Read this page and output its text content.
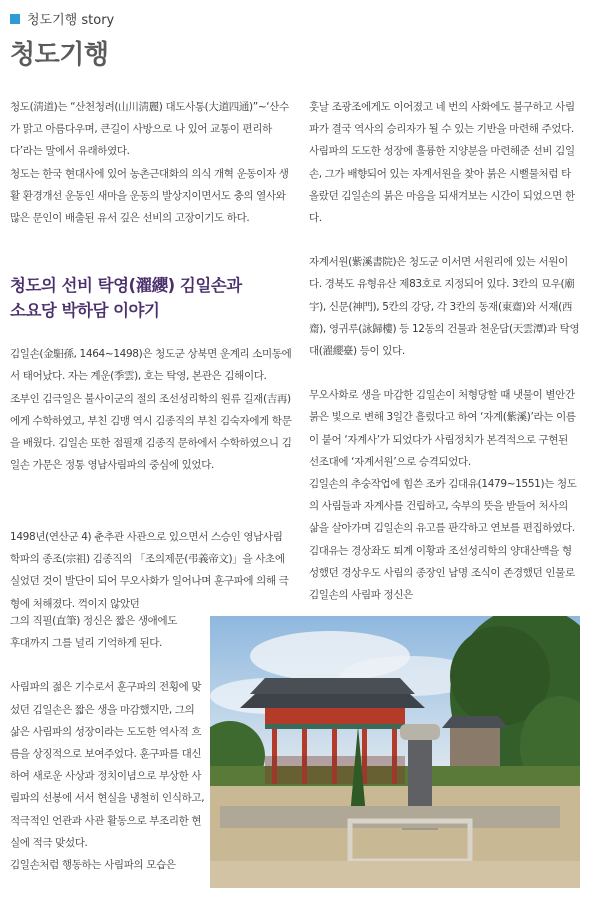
청도기행 story
청도기행

청도(淸道)는 “산천청려(山川淸麗) 대도사통(大道四通)”~‘산수가 맑고 아름다우며, 큰길이 사방으로 나 있어 교통이 편리하다’라는 말에서 유래하였다.

청도는 한국 현대사에 있어 농촌근대화의 의식 개혁 운동이자 생활 환경개선 운동인 새마을 운동의 발상지이면서도 충의 열사와 많은 문인이 배출된 유서 깊은 선비의 고장이기도 하다.

청도의 선비 탁영(濯纓) 김일손과

소요당 박하담 이야기

김일손(金馹孫, 1464~1498)은 청도군 상북면 운계리 소미동에서 태어났다. 자는 계운(季雲), 호는 탁영, 본관은 김해이다.

조부인 김극일은 불사이군의 절의 조선성리학의 원류 길재(吉再)에게 수학하였고, 부친 김맹 역시 김종직의 부친 김숙자에게 학문을 배웠다. 김일손 또한 점필재 김종직 문하에서 수학하였으니 김일손 가문은 정통 영남사림파의 중심에 있었다.

1498년(연산군 4) 춘추관 사관으로 있으면서 스승인 영남사림학파의 종조(宗祖) 김종직의 「조의제문(弔義帝文)」을 사초에 실었던 것이 발단이 되어 무오사화가 일어나며 훈구파에 의해 극형에 처해졌다. 꺽이지 않았던

그의 직필(直筆) 정신은 짧은 생애에도

후대까지 그를 널리 기억하게 된다.

사림파의 젊은 기수로서 훈구파의 전횡에 맞섰던 김일손은 짧은 생을 마감했지만, 그의 삶은 사림파의 성장이라는 도도한 역사적 흐름을 상징적으로 보여주었다. 훈구파를 대신하여 새로운 사상과 정치이념으로 부상한 사림파의 선봉에 서서 현실을 냉철히 인식하고, 적극적인 언관과 사관 활동으로 부조리한 현실에 적극 맞섰다.

김일손처럼 행동하는 사림파의 모습은

훗날 조광조에게도 이어졌고 네 번의 사화에도 불구하고 사림파가 결국 역사의 승리자가 될 수 있는 기반을 마련해 주었다. 사림파의 도도한 성장에 훌륭한 지양분을 마련해준 선비 김일손, 그가 배향되어 있는 자계서원을 찾아 붉은 시뻘물처럼 타올랐던 김일손의 붉은 마음을 되새겨보는 시간이 되었으면 한다.

자계서원(紫溪書院)은 청도군 이서면 서원리에 있는 서원이다. 경북도 유형유산 제83호로 지정되어 있다. 3칸의 묘우(廟宇), 신문(神門), 5칸의 강당, 각 3칸의 동재(東齋)와 서재(西齋), 영귀루(詠歸樓) 등 12동의 건물과 천운담(天雲潭)과 탁영대(濯纓臺) 등이 있다.

무오사화로 생을 마감한 김일손이 처형당할 때 냇물이 별안간 붉은 빛으로 변해 3일간 흘렀다고 하여 ‘자계(紫溪)’라는 이름이 붙어 ‘자계사’가 되었다가 사림정치가 본격적으로 구현된 선조대에 ‘자계서원’으로 승격되었다.

김일손의 추숭작업에 힘쓴 조카 김대유(1479~1551)는 청도의 사림들과 자계사를 건립하고, 숙부의 뜻을 받들어 처사의 삶을 살아가며 김일손의 유고를 판각하고 연보를 편집하였다. 김대유는 경상좌도 퇴계 이황과 조선성리학의 양대산맥을 형성했던 경상우도 사림의 종장인 남명 조식이 존경했던 인물로 김일손의 사림파 정신은
